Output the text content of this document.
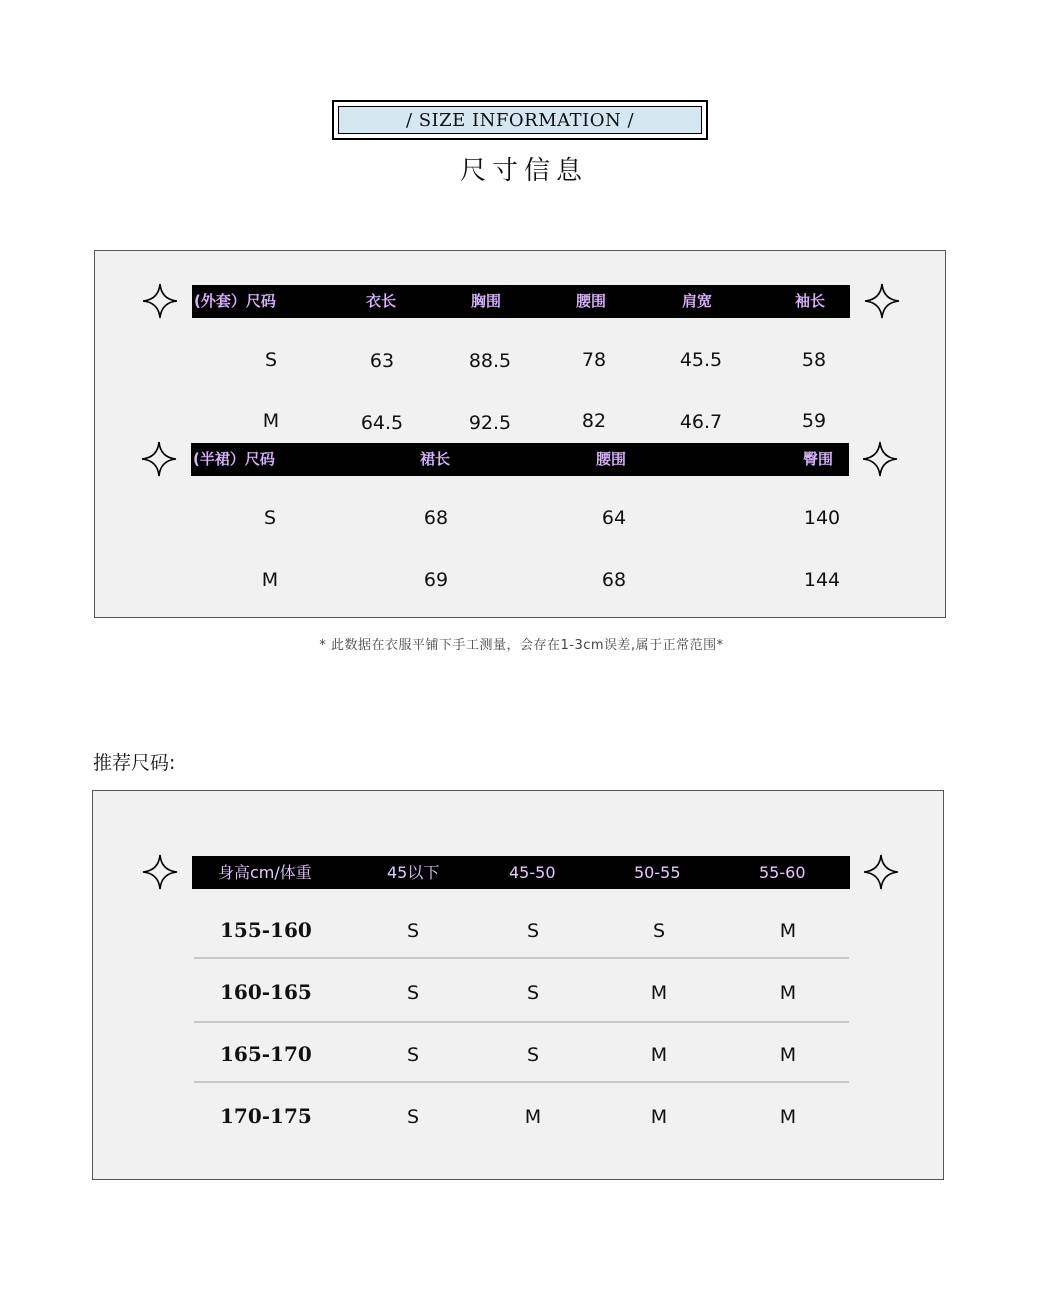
/ SIZE INFORMATION /
尺寸信息
(外套）尺码	衣长	胸围	腰围	肩宽	袖长
S	63	88.5	78	45.5	58
M	64.5	92.5	82	46.7	59
(半裙）尺码	裙长	腰围	臀围
S	68	64	140
M	69	68	144
* 此数据在衣服平铺下手工测量，会存在1-3cm误差,属于正常范围*
推荐尺码:
身高cm/体重	45以下	45-50	50-55	55-60
155-160	S	S	S	M
160-165	S	S	M	M
165-170	S	S	M	M
170-175	S	M	M	M
